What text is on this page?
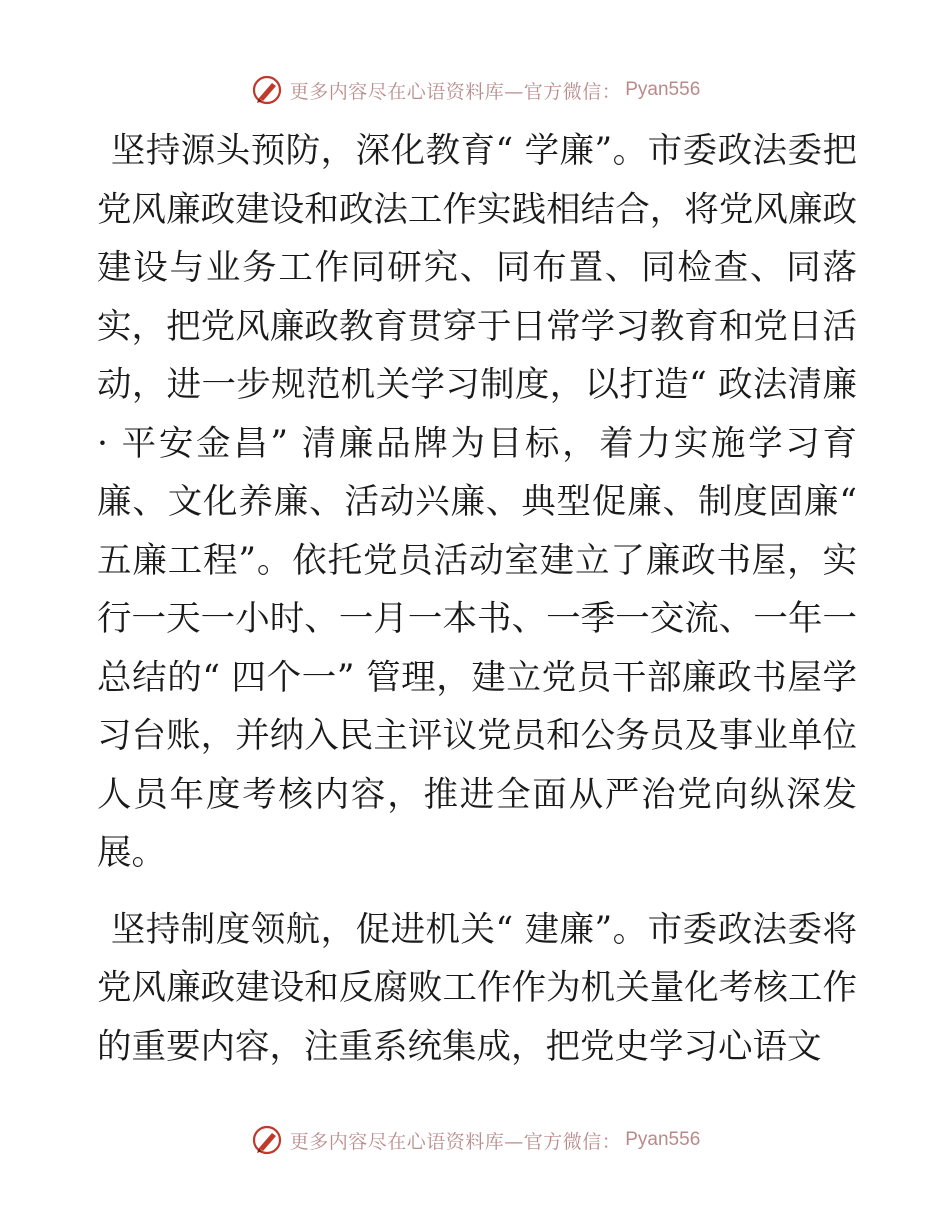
更多内容尽在心语资料库—官方微信： Pyan556

坚持源头预防，深化教育“ 学廉”。市委政法委把党风廉政建设和政法工作实践相结合，将党风廉政建设与业务工作同研究、同布置、同检查、同落实，把党风廉政教育贯穿于日常学习教育和党日活动，进一步规范机关学习制度，以打造“ 政法清廉· 平安金昌” 清廉品牌为目标，着力实施学习育廉、文化养廉、活动兴廉、典型促廉、制度固廉“ 五廉工程”。依托党员活动室建立了廉政书屋，实行一天一小时、一月一本书、一季一交流、一年一总结的“ 四个一” 管理，建立党员干部廉政书屋学习台账，并纳入民主评议党员和公务员及事业单位人员年度考核内容，推进全面从严治党向纵深发展。

坚持制度领航，促进机关“ 建廉”。市委政法委将党风廉政建设和反腐败工作作为机关量化考核工作的重要内容，注重系统集成，把党史学习心语文

更多内容尽在心语资料库—官方微信： Pyan556
